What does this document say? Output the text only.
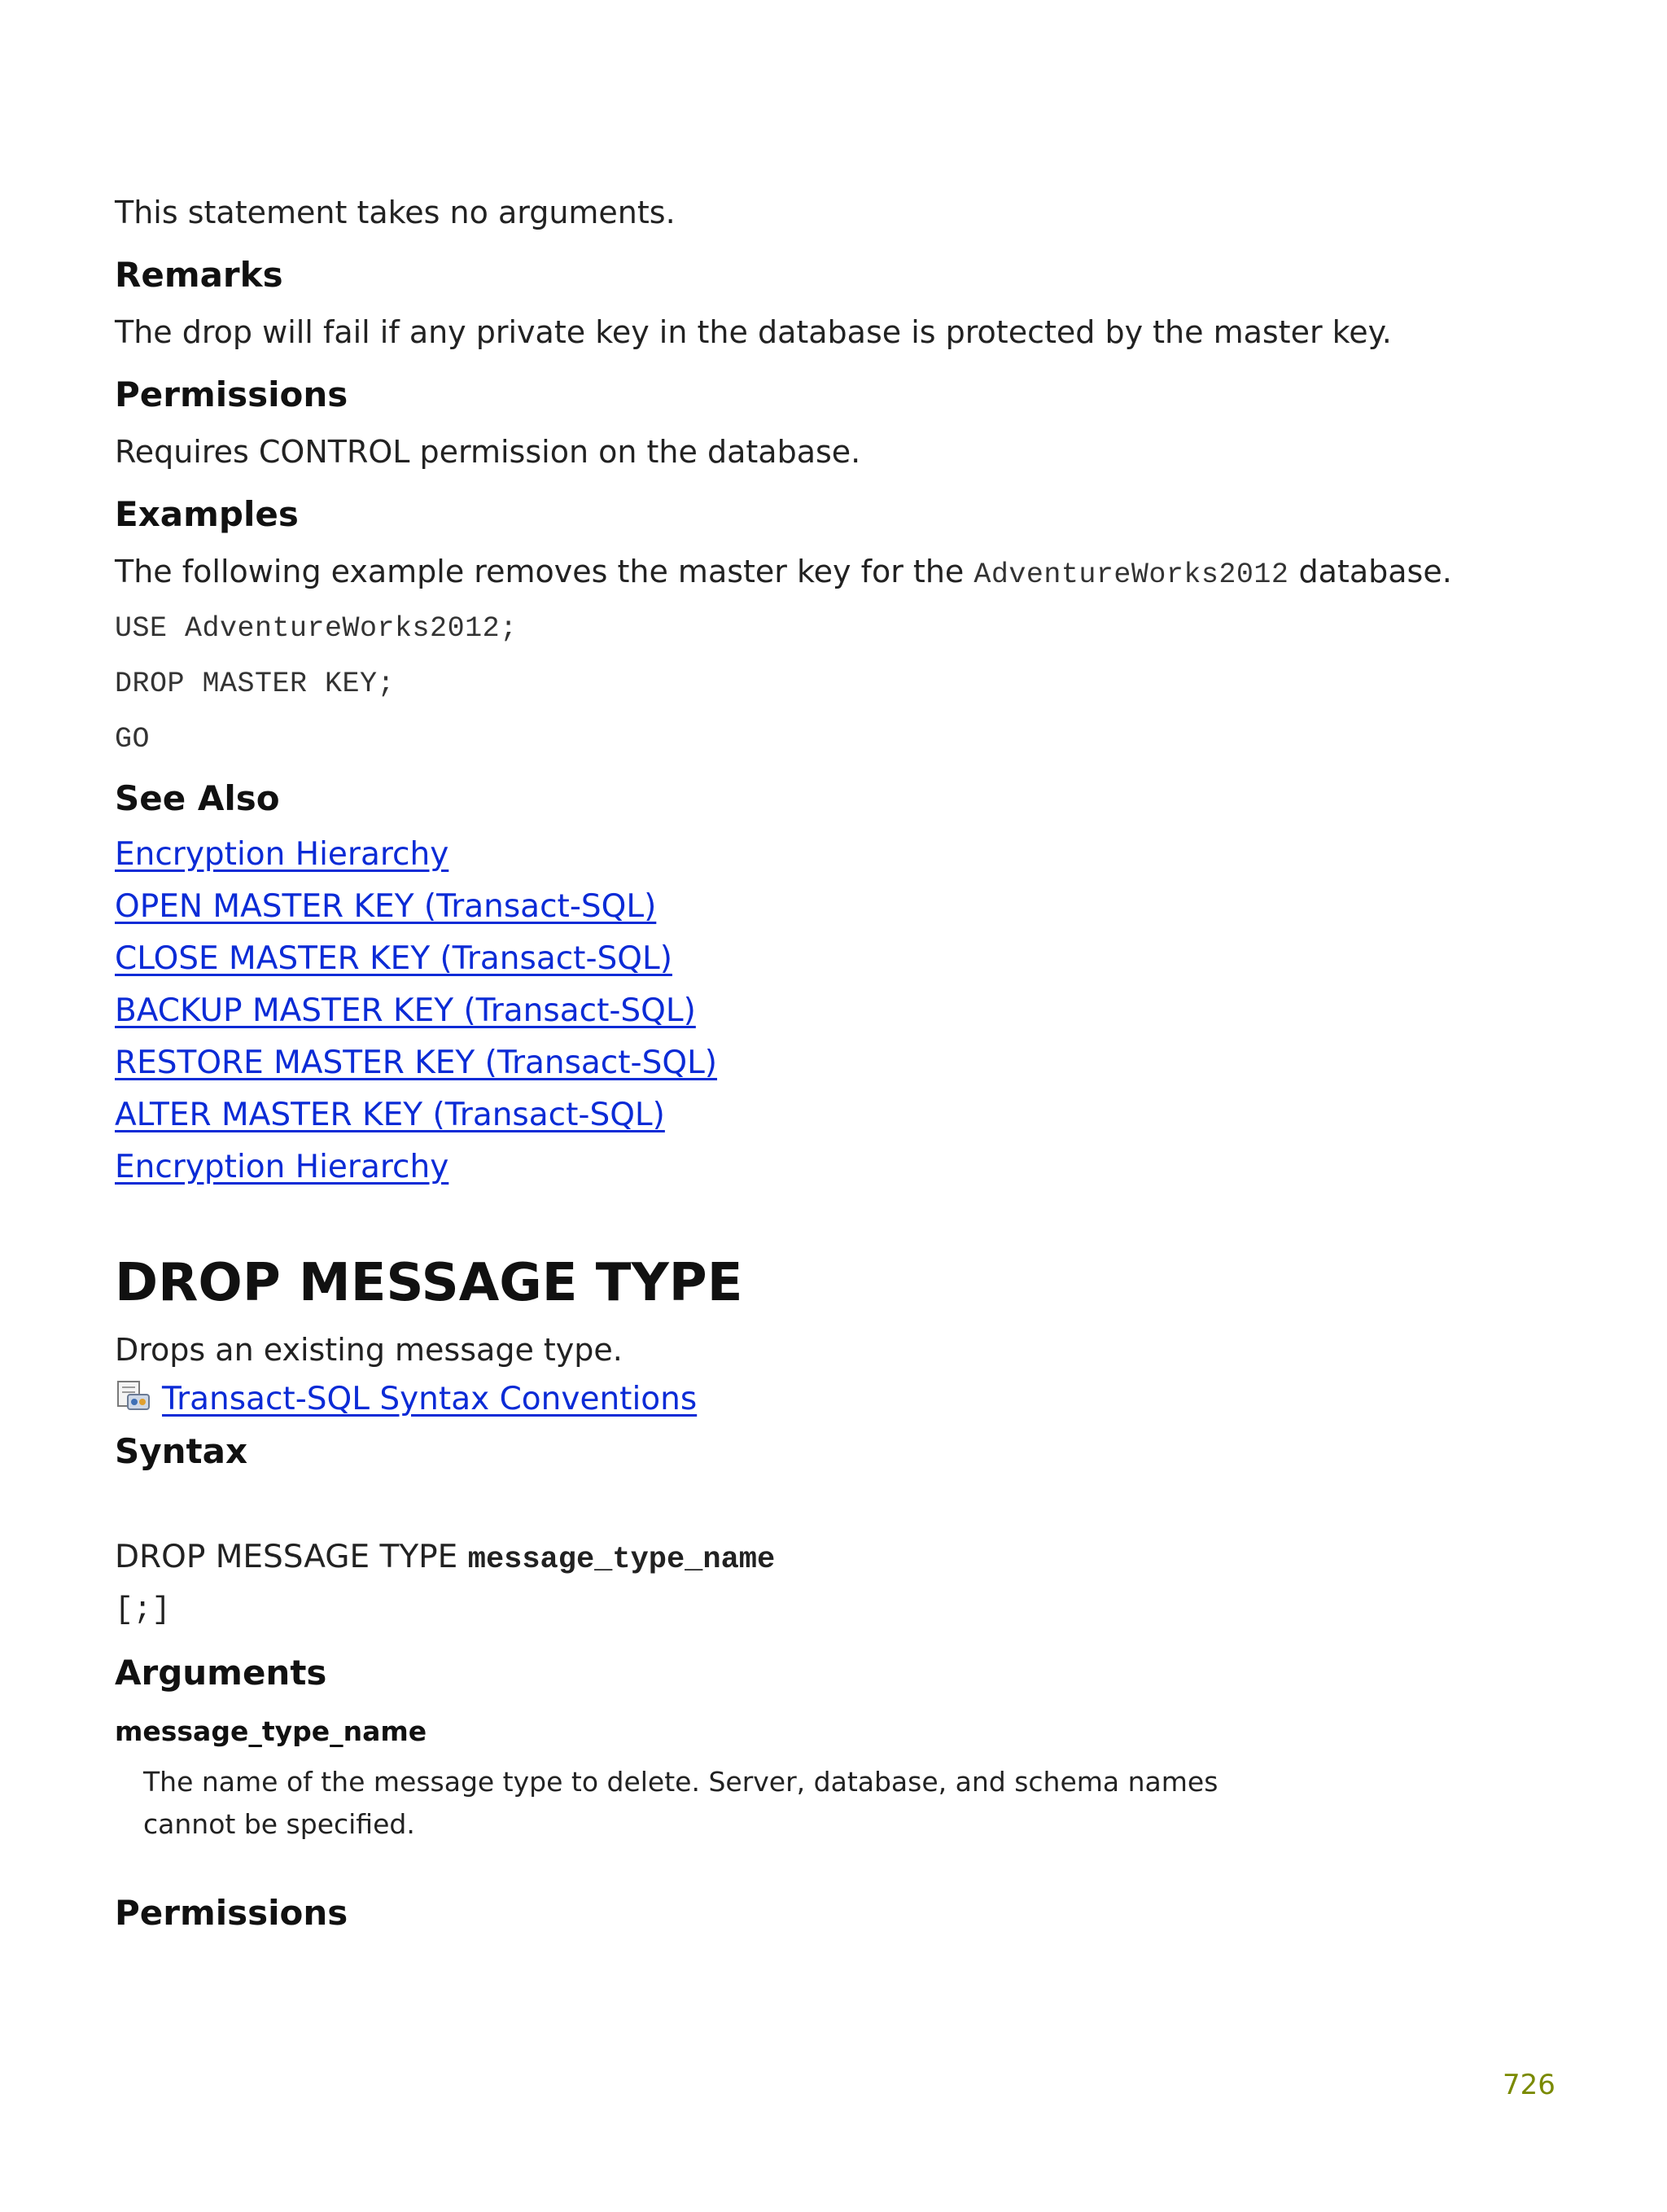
This statement takes no arguments.
Remarks
The drop will fail if any private key in the database is protected by the master key.
Permissions
Requires CONTROL permission on the database.
Examples
The following example removes the master key for the AdventureWorks2012 database.
USE AdventureWorks2012;
DROP MASTER KEY;
GO
See Also
Encryption Hierarchy
OPEN MASTER KEY (Transact-SQL)
CLOSE MASTER KEY (Transact-SQL)
BACKUP MASTER KEY (Transact-SQL)
RESTORE MASTER KEY (Transact-SQL)
ALTER MASTER KEY (Transact-SQL)
Encryption Hierarchy
DROP MESSAGE TYPE
Drops an existing message type.
Transact-SQL Syntax Conventions
Syntax
DROP MESSAGE TYPE message_type_name
[;]
Arguments
message_type_name
The name of the message type to delete. Server, database, and schema names cannot be specified.
Permissions
726
